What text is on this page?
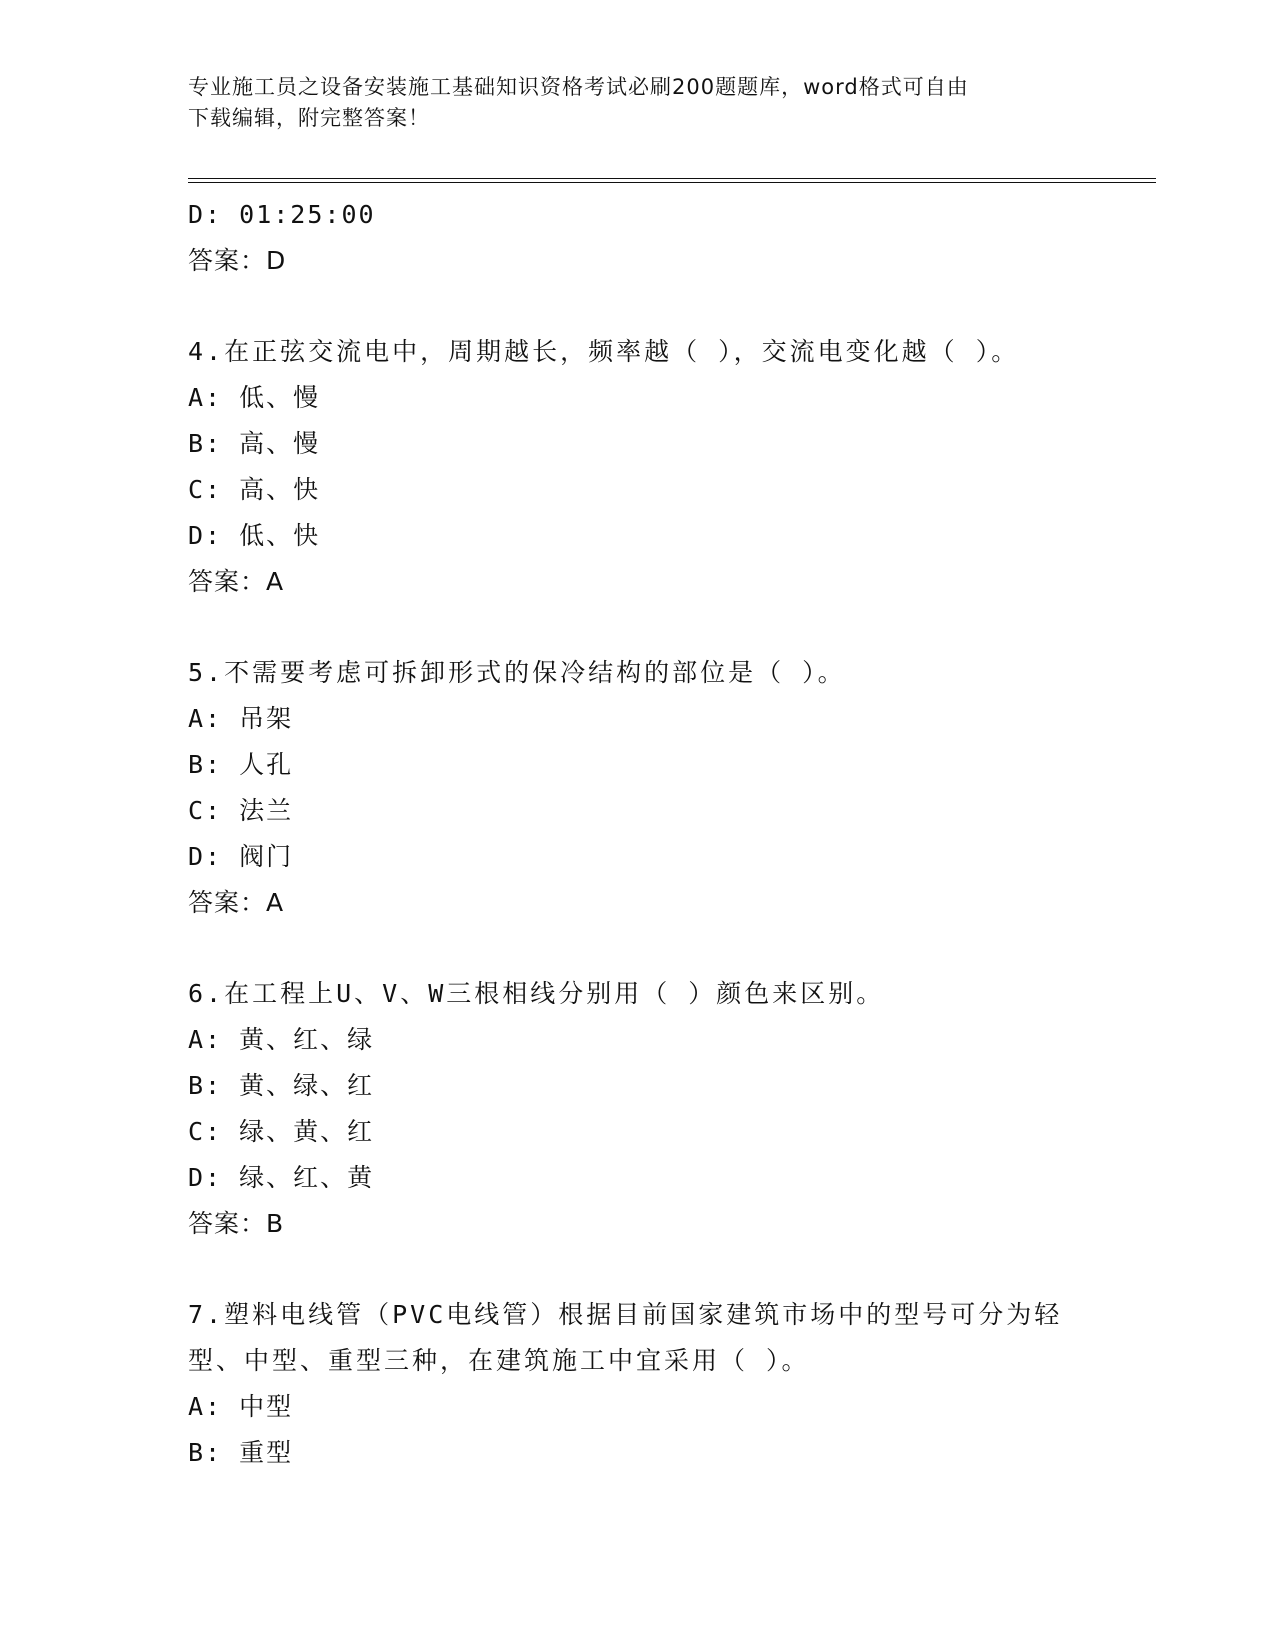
专业施工员之设备安装施工基础知识资格考试必刷200题题库，word格式可自由
下载编辑，附完整答案！
D: 01:25:00
答案：D
4.在正弦交流电中，周期越长，频率越（ ），交流电变化越（ ）。
A: 低、慢
B: 高、慢
C: 高、快
D: 低、快
答案：A
5.不需要考虑可拆卸形式的保冷结构的部位是（ ）。
A: 吊架
B: 人孔
C: 法兰
D: 阀门
答案：A
6.在工程上U、V、W三根相线分别用（ ）颜色来区别。
A: 黄、红、绿
B: 黄、绿、红
C: 绿、黄、红
D: 绿、红、黄
答案：B
7.塑料电线管（PVC电线管）根据目前国家建筑市场中的型号可分为轻
型、中型、重型三种，在建筑施工中宜采用（ ）。
A: 中型
B: 重型
